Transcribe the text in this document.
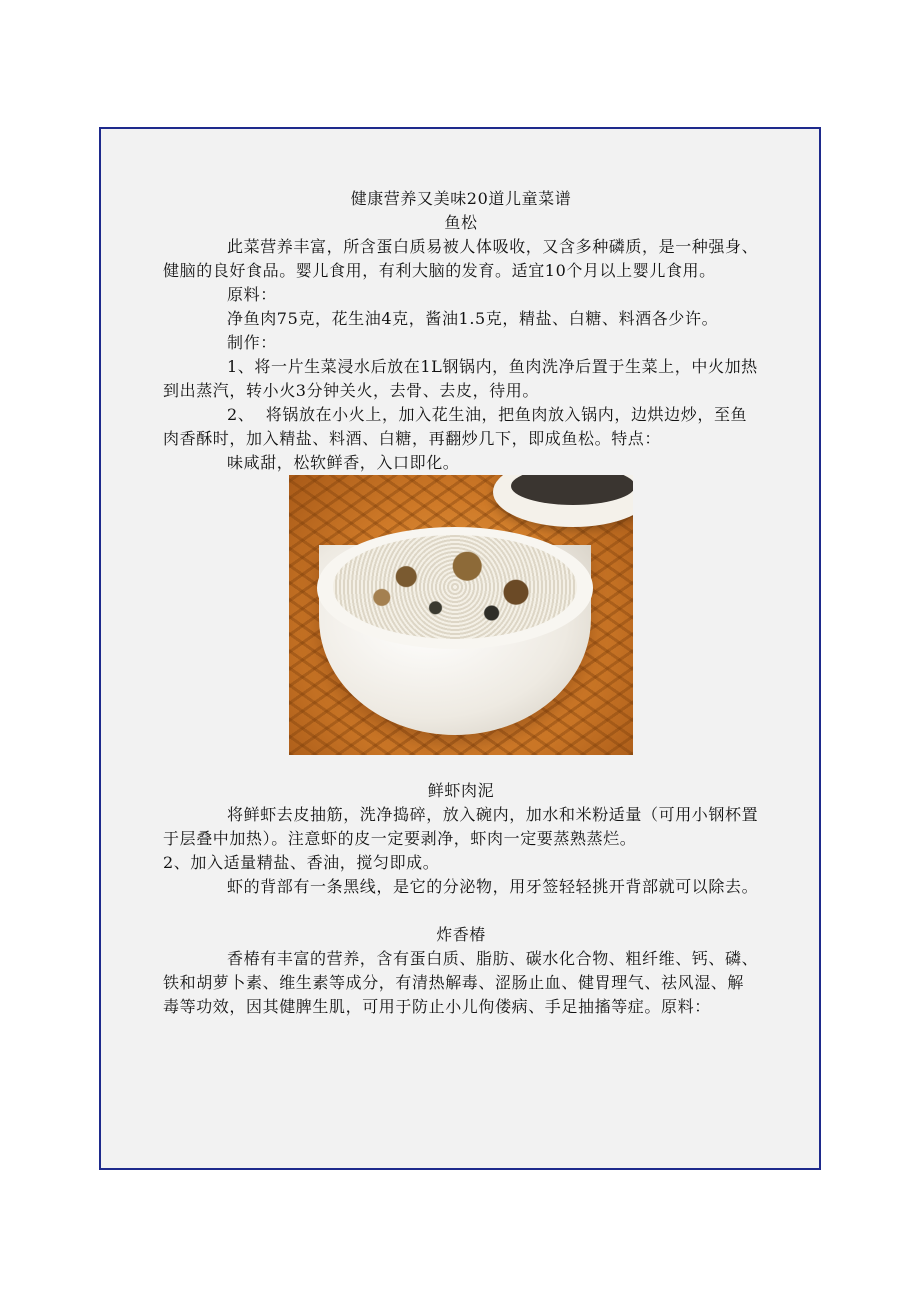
健康营养又美味20道儿童菜谱

鱼松

此菜营养丰富，所含蛋白质易被人体吸收，又含多种磷质，是一种强身、健脑的良好食品。婴儿食用，有利大脑的发育。适宜10个月以上婴儿食用。

原料：

净鱼肉75克，花生油4克，酱油1.5克，精盐、白糖、料酒各少许。

制作：

1、将一片生菜浸水后放在1L钢锅内，鱼肉洗净后置于生菜上，中火加热到出蒸汽，转小火3分钟关火，去骨、去皮，待用。

2、  将锅放在小火上，加入花生油，把鱼肉放入锅内，边烘边炒，至鱼肉香酥时，加入精盐、料酒、白糖，再翻炒几下，即成鱼松。特点：

味咸甜，松软鲜香，入口即化。

鲜虾肉泥

将鲜虾去皮抽筋，洗净捣碎，放入碗内，加水和米粉适量（可用小钢杯置于层叠中加热）。注意虾的皮一定要剥净，虾肉一定要蒸熟蒸烂。

2、加入适量精盐、香油，搅匀即成。

虾的背部有一条黑线，是它的分泌物，用牙签轻轻挑开背部就可以除去。

炸香椿

香椿有丰富的营养，含有蛋白质、脂肪、碳水化合物、粗纤维、钙、磷、铁和胡萝卜素、维生素等成分，有清热解毒、涩肠止血、健胃理气、祛风湿、解毒等功效，因其健脾生肌，可用于防止小儿佝偻病、手足抽搐等症。原料：
